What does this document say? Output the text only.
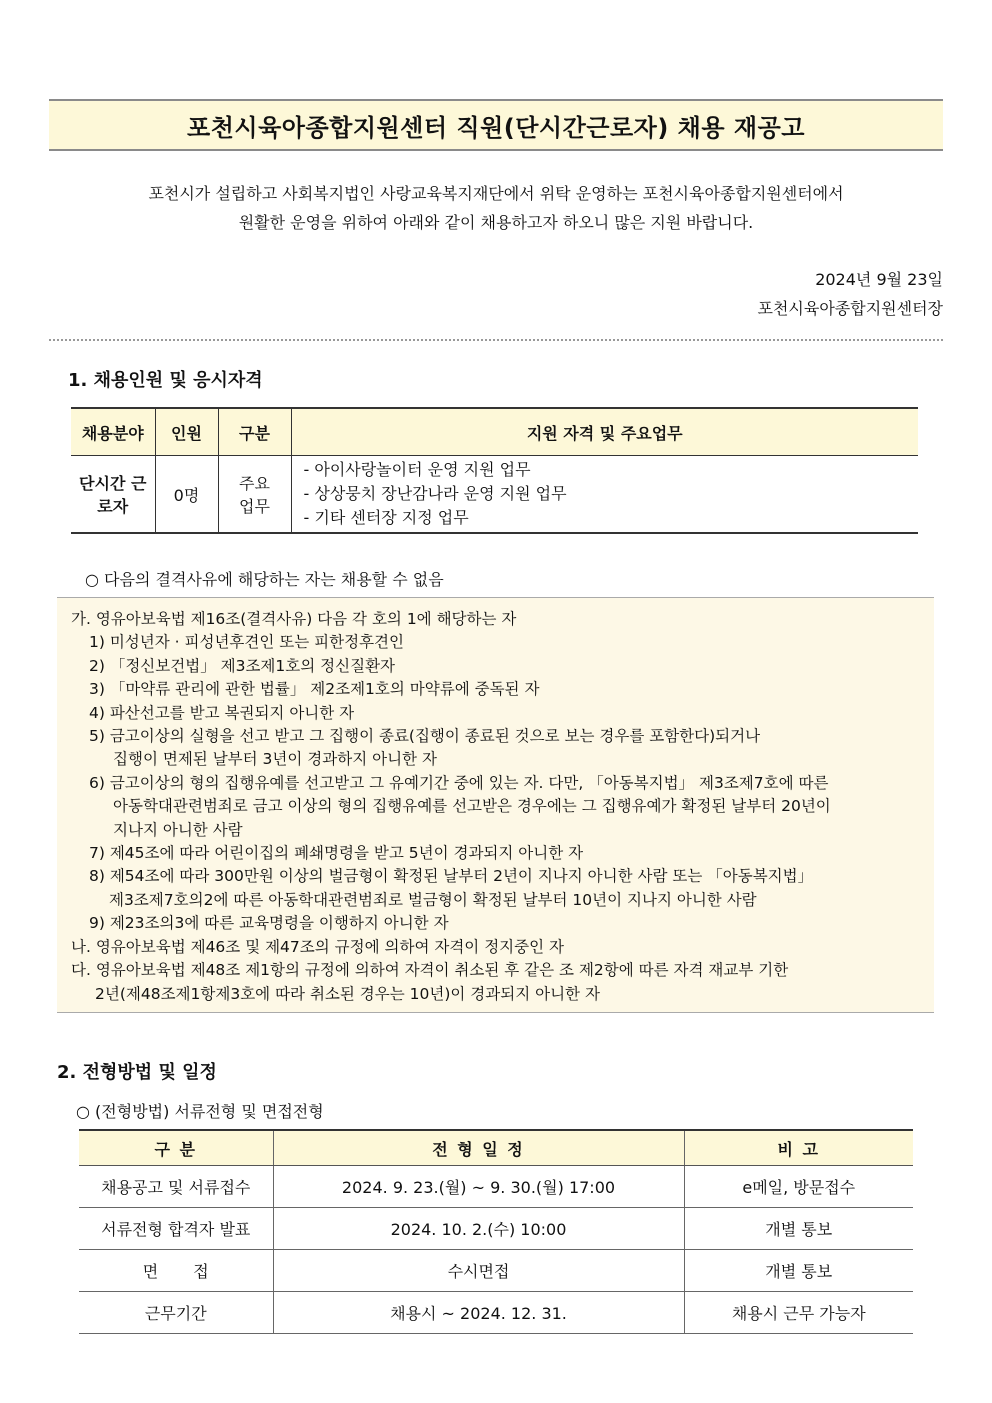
포천시육아종합지원센터 직원(단시간근로자) 채용 재공고
포천시가 설립하고 사회복지법인 사랑교육복지재단에서 위탁 운영하는 포천시육아종합지원센터에서
원활한 운영을 위하여 아래와 같이 채용하고자 하오니 많은 지원 바랍니다.
2024년 9월 23일
포천시육아종합지원센터장
1. 채용인원 및 응시자격
채용분야	인원	구분	지원 자격 및 주요업무
단시간 근로자	0명	주요 업무	- 아이사랑놀이터 운영 지원 업무
- 상상뭉치 장난감나라 운영 지원 업무
- 기타 센터장 지정 업무
○ 다음의 결격사유에 해당하는 자는 채용할 수 없음
가. 영유아보육법 제16조(결격사유) 다음 각 호의 1에 해당하는 자
1) 미성년자 · 피성년후견인 또는 피한정후견인
2) 「정신보건법」 제3조제1호의 정신질환자
3) 「마약류 관리에 관한 법률」 제2조제1호의 마약류에 중독된 자
4) 파산선고를 받고 복권되지 아니한 자
5) 금고이상의 실형을 선고 받고 그 집행이 종료(집행이 종료된 것으로 보는 경우를 포함한다)되거나
집행이 면제된 날부터 3년이 경과하지 아니한 자
6) 금고이상의 형의 집행유예를 선고받고 그 유예기간 중에 있는 자. 다만, 「아동복지법」 제3조제7호에 따른
아동학대관련범죄로 금고 이상의 형의 집행유예를 선고받은 경우에는 그 집행유예가 확정된 날부터 20년이
지나지 아니한 사람
7) 제45조에 따라 어린이집의 폐쇄명령을 받고 5년이 경과되지 아니한 자
8) 제54조에 따라 300만원 이상의 벌금형이 확정된 날부터 2년이 지나지 아니한 사람 또는 「아동복지법」
제3조제7호의2에 따른 아동학대관련범죄로 벌금형이 확정된 날부터 10년이 지나지 아니한 사람
9) 제23조의3에 따른 교육명령을 이행하지 아니한 자
나. 영유아보육법 제46조 및 제47조의 규정에 의하여 자격이 정지중인 자
다. 영유아보육법 제48조 제1항의 규정에 의하여 자격이 취소된 후 같은 조 제2항에 따른 자격 재교부 기한
2년(제48조제1항제3호에 따라 취소된 경우는 10년)이 경과되지 아니한 자
2. 전형방법 및 일정
○ (전형방법) 서류전형 및 면접전형
구 분	전 형 일 정	비 고
채용공고 및 서류접수	2024. 9. 23.(월) ~ 9. 30.(월) 17:00	e메일, 방문접수
서류전형 합격자 발표	2024. 10. 2.(수) 10:00	개별 통보
면 접	수시면접	개별 통보
근무기간	채용시 ~ 2024. 12. 31.	채용시 근무 가능자
